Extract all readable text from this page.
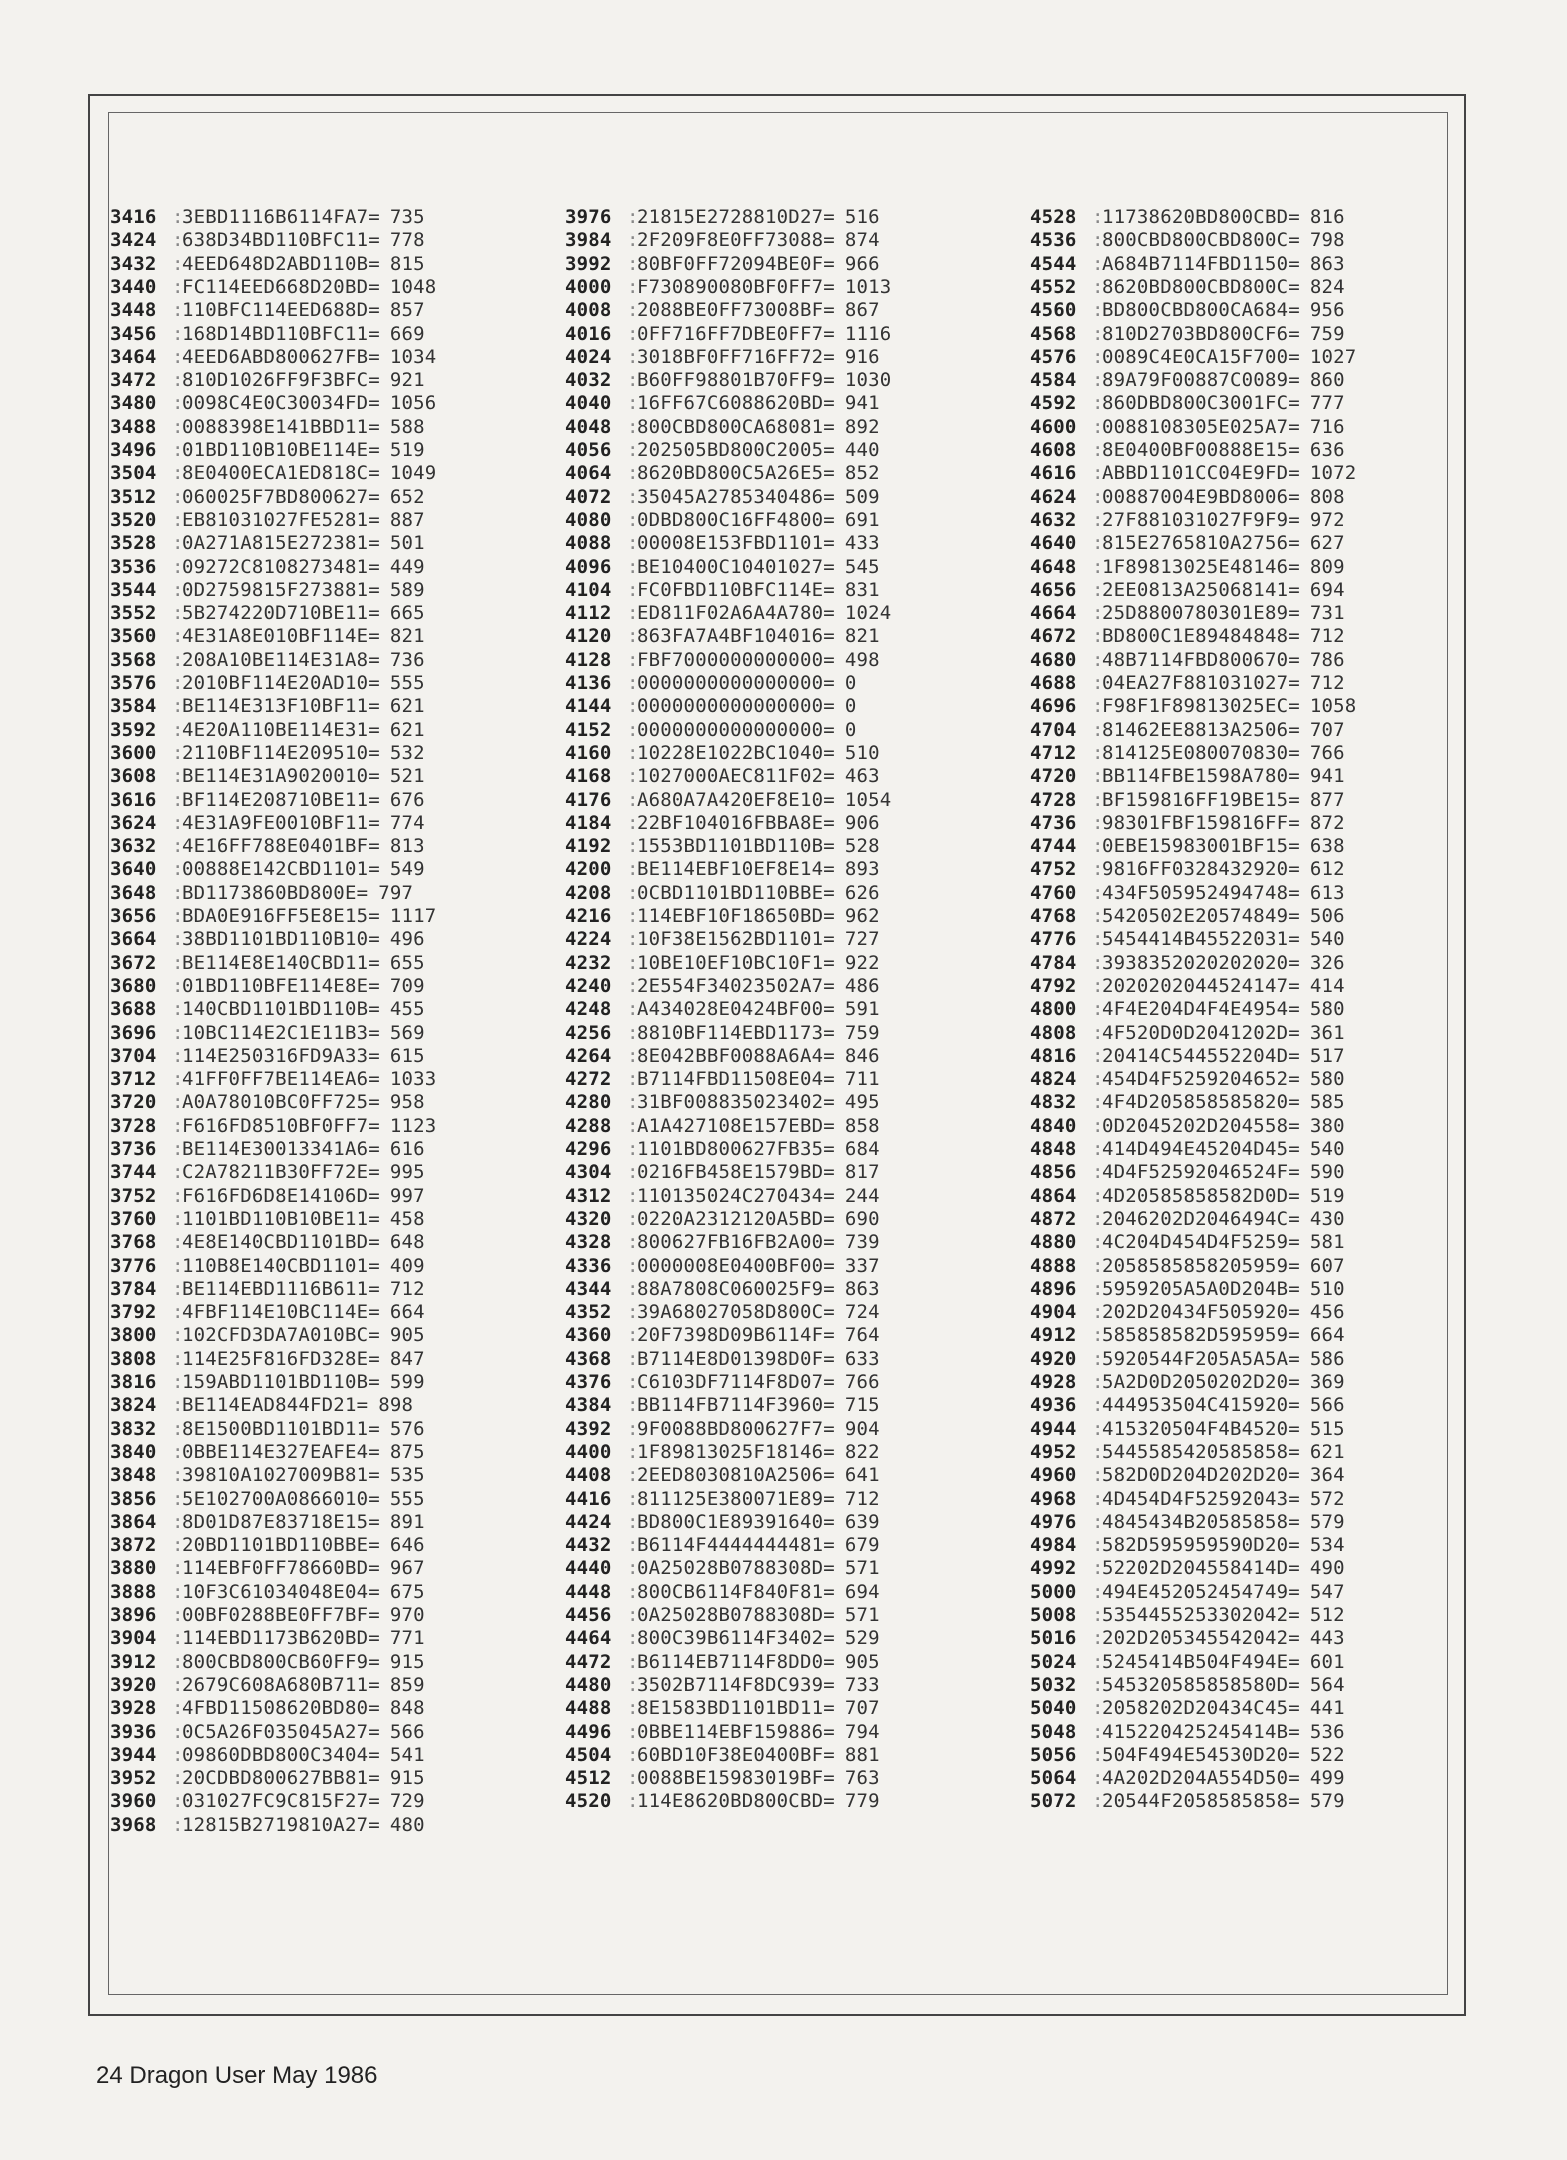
3416 :3EBD1116B6114FA7= 735
3424 :638D34BD110BFC11= 778
3432 :4EED648D2ABD110B= 815
3440 :FC114EED668D20BD= 1048
3448 :110BFC114EED688D= 857
3456 :168D14BD110BFC11= 669
3464 :4EED6ABD800627FB= 1034
3472 :810D1026FF9F3BFC= 921
3480 :0098C4E0C30034FD= 1056
3488 :0088398E141BBD11= 588
3496 :01BD110B10BE114E= 519
3504 :8E0400ECA1ED818C= 1049
3512 :060025F7BD800627= 652
3520 :EB81031027FE5281= 887
3528 :0A271A815E272381= 501
3536 :09272C8108273481= 449
3544 :0D2759815F273881= 589
3552 :5B274220D710BE11= 665
3560 :4E31A8E010BF114E= 821
3568 :208A10BE114E31A8= 736
3576 :2010BF114E20AD10= 555
3584 :BE114E313F10BF11= 621
3592 :4E20A110BE114E31= 621
3600 :2110BF114E209510= 532
3608 :BE114E31A9020010= 521
3616 :BF114E208710BE11= 676
3624 :4E31A9FE0010BF11= 774
3632 :4E16FF788E0401BF= 813
3640 :00888E142CBD1101= 549
3648 :BD1173860BD800E= 797
3656 :BDA0E916FF5E8E15= 1117
3664 :38BD1101BD110B10= 496
3672 :BE114E8E140CBD11= 655
3680 :01BD110BFE114E8E= 709
3688 :140CBD1101BD110B= 455
3696 :10BC114E2C1E11B3= 569
3704 :114E250316FD9A33= 615
3712 :41FF0FF7BE114EA6= 1033
3720 :A0A78010BC0FF725= 958
3728 :F616FD8510BF0FF7= 1123
3736 :BE114E30013341A6= 616
3744 :C2A78211B30FF72E= 995
3752 :F616FD6D8E14106D= 997
3760 :1101BD110B10BE11= 458
3768 :4E8E140CBD1101BD= 648
3776 :110B8E140CBD1101= 409
3784 :BE114EBD1116B611= 712
3792 :4FBF114E10BC114E= 664
3800 :102CFD3DA7A010BC= 905
3808 :114E25F816FD328E= 847
3816 :159ABD1101BD110B= 599
3824 :BE114EAD844FD21= 898
3832 :8E1500BD1101BD11= 576
3840 :0BBE114E327EAFE4= 875
3848 :39810A1027009B81= 535
3856 :5E102700A0866010= 555
3864 :8D01D87E83718E15= 891
3872 :20BD1101BD110BBE= 646
3880 :114EBF0FF78660BD= 967
3888 :10F3C61034048E04= 675
3896 :00BF0288BE0FF7BF= 970
3904 :114EBD1173B620BD= 771
3912 :800CBD800CB60FF9= 915
3920 :2679C608A680B711= 859
3928 :4FBD11508620BD80= 848
3936 :0C5A26F035045A27= 566
3944 :09860DBD800C3404= 541
3952 :20CDBD800627BB81= 915
3960 :031027FC9C815F27= 729
3968 :12815B2719810A27= 480
3976 :21815E2728810D27= 516
3984 :2F209F8E0FF73088= 874
3992 :80BF0FF72094BE0F= 966
4000 :F730890080BF0FF7= 1013
4008 :2088BE0FF73008BF= 867
4016 :0FF716FF7DBE0FF7= 1116
4024 :3018BF0FF716FF72= 916
4032 :B60FF98801B70FF9= 1030
4040 :16FF67C6088620BD= 941
4048 :800CBD800CA68081= 892
4056 :202505BD800C2005= 440
4064 :8620BD800C5A26E5= 852
4072 :35045A2785340486= 509
4080 :0DBD800C16FF4800= 691
4088 :00008E153FBD1101= 433
4096 :BE10400C10401027= 545
4104 :FC0FBD110BFC114E= 831
4112 :ED811F02A6A4A780= 1024
4120 :863FA7A4BF104016= 821
4128 :FBF7000000000000= 498
4136 :0000000000000000= 0
4144 :0000000000000000= 0
4152 :0000000000000000= 0
4160 :10228E1022BC1040= 510
4168 :1027000AEC811F02= 463
4176 :A680A7A420EF8E10= 1054
4184 :22BF104016FBBA8E= 906
4192 :1553BD1101BD110B= 528
4200 :BE114EBF10EF8E14= 893
4208 :0CBD1101BD110BBE= 626
4216 :114EBF10F18650BD= 962
4224 :10F38E1562BD1101= 727
4232 :10BE10EF10BC10F1= 922
4240 :2E554F34023502A7= 486
4248 :A434028E0424BF00= 591
4256 :8810BF114EBD1173= 759
4264 :8E042BBF0088A6A4= 846
4272 :B7114FBD11508E04= 711
4280 :31BF008835023402= 495
4288 :A1A427108E157EBD= 858
4296 :1101BD800627FB35= 684
4304 :0216FB458E1579BD= 817
4312 :110135024C270434= 244
4320 :0220A2312120A5BD= 690
4328 :800627FB16FB2A00= 739
4336 :0000008E0400BF00= 337
4344 :88A7808C060025F9= 863
4352 :39A68027058D800C= 724
4360 :20F7398D09B6114F= 764
4368 :B7114E8D01398D0F= 633
4376 :C6103DF7114F8D07= 766
4384 :BB114FB7114F3960= 715
4392 :9F0088BD800627F7= 904
4400 :1F89813025F18146= 822
4408 :2EED8030810A2506= 641
4416 :811125E380071E89= 712
4424 :BD800C1E89391640= 639
4432 :B6114F4444444481= 679
4440 :0A25028B0788308D= 571
4448 :800CB6114F840F81= 694
4456 :0A25028B0788308D= 571
4464 :800C39B6114F3402= 529
4472 :B6114EB7114F8DD0= 905
4480 :3502B7114F8DC939= 733
4488 :8E1583BD1101BD11= 707
4496 :0BBE114EBF159886= 794
4504 :60BD10F38E0400BF= 881
4512 :0088BE15983019BF= 763
4520 :114E8620BD800CBD= 779
4528 :11738620BD800CBD= 816
4536 :800CBD800CBD800C= 798
4544 :A684B7114FBD1150= 863
4552 :8620BD800CBD800C= 824
4560 :BD800CBD800CA684= 956
4568 :810D2703BD800CF6= 759
4576 :0089C4E0CA15F700= 1027
4584 :89A79F00887C0089= 860
4592 :860DBD800C3001FC= 777
4600 :0088108305E025A7= 716
4608 :8E0400BF00888E15= 636
4616 :ABBD1101CC04E9FD= 1072
4624 :00887004E9BD8006= 808
4632 :27F881031027F9F9= 972
4640 :815E2765810A2756= 627
4648 :1F89813025E48146= 809
4656 :2EE0813A25068141= 694
4664 :25D8800780301E89= 731
4672 :BD800C1E89484848= 712
4680 :48B7114FBD800670= 786
4688 :04EA27F881031027= 712
4696 :F98F1F89813025EC= 1058
4704 :81462EE8813A2506= 707
4712 :814125E080070830= 766
4720 :BB114FBE1598A780= 941
4728 :BF159816FF19BE15= 877
4736 :98301FBF159816FF= 872
4744 :0EBE15983001BF15= 638
4752 :9816FF0328432920= 612
4760 :434F505952494748= 613
4768 :5420502E20574849= 506
4776 :5454414B45522031= 540
4784 :3938352020202020= 326
4792 :2020202044524147= 414
4800 :4F4E204D4F4E4954= 580
4808 :4F520D0D2041202D= 361
4816 :20414C544552204D= 517
4824 :454D4F5259204652= 580
4832 :4F4D205858585820= 585
4840 :0D2045202D204558= 380
4848 :414D494E45204D45= 540
4856 :4D4F52592046524F= 590
4864 :4D20585858582D0D= 519
4872 :2046202D2046494C= 430
4880 :4C204D454D4F5259= 581
4888 :2058585858205959= 607
4896 :5959205A5A0D204B= 510
4904 :202D20434F505920= 456
4912 :585858582D595959= 664
4920 :5920544F205A5A5A= 586
4928 :5A2D0D2050202D20= 369
4936 :444953504C415920= 566
4944 :415320504F4B4520= 515
4952 :5445585420585858= 621
4960 :582D0D204D202D20= 364
4968 :4D454D4F52592043= 572
4976 :4845434B20585858= 579
4984 :582D595959590D20= 534
4992 :52202D204558414D= 490
5000 :494E452052454749= 547
5008 :5354455253302042= 512
5016 :202D205345542042= 443
5024 :5245414B504F494E= 601
5032 :545320585858580D= 564
5040 :2058202D20434C45= 441
5048 :415220425245414B= 536
5056 :504F494E54530D20= 522
5064 :4A202D204A554D50= 499
5072 :20544F2058585858= 579
24 Dragon User May 1986
